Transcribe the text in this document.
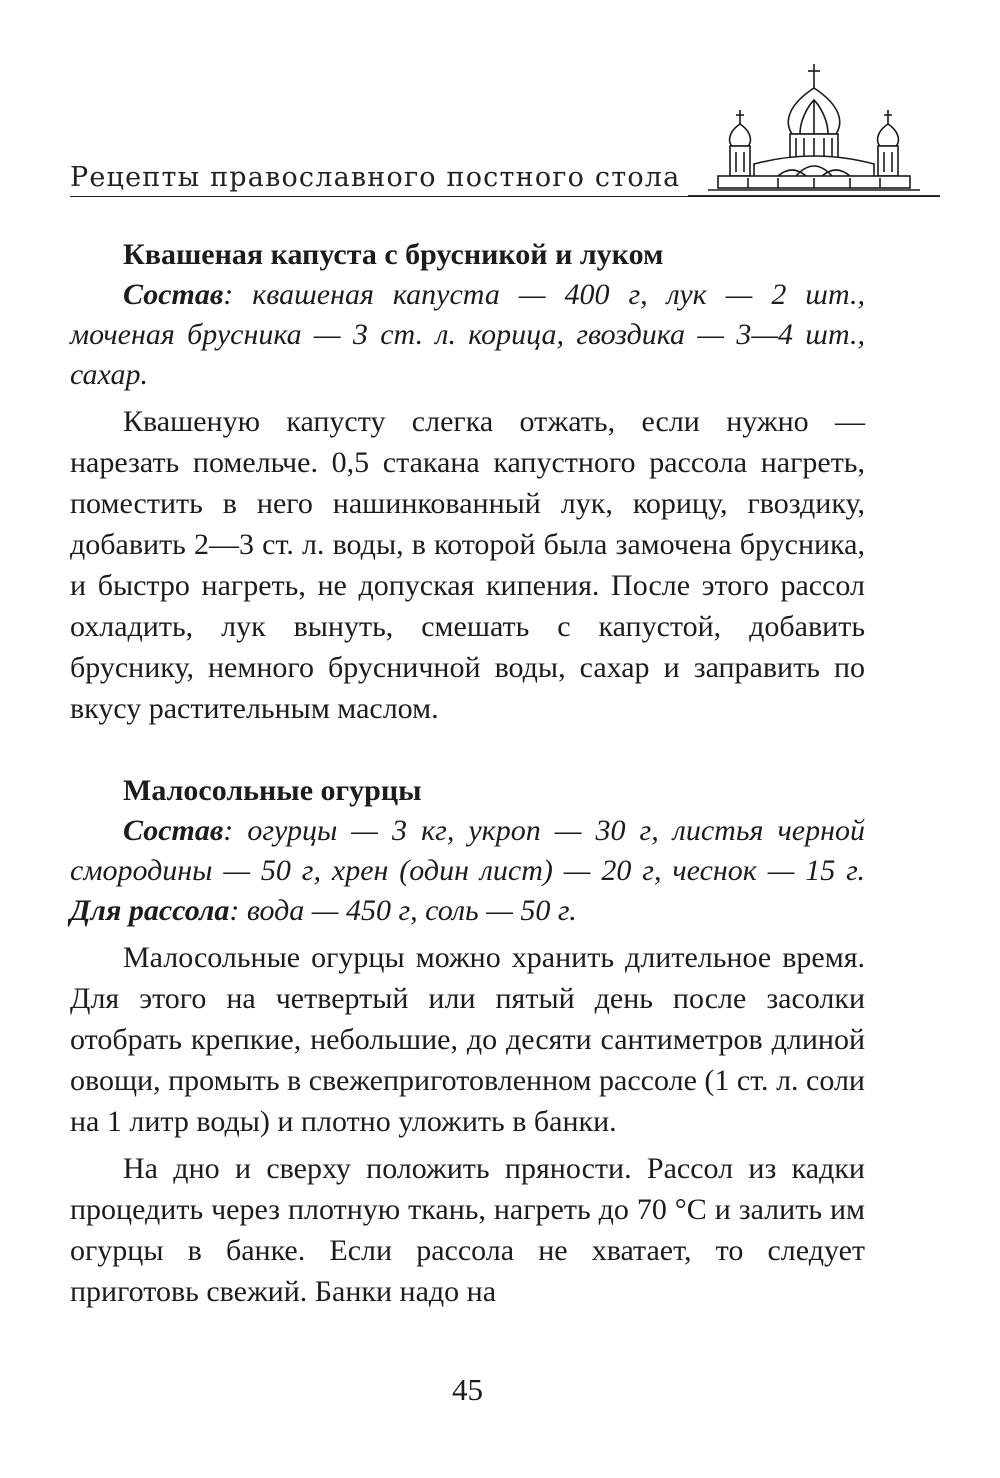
Рецепты православного постного стола
Квашеная капуста с брусникой и луком

Состав: квашеная капуста — 400 г, лук — 2 шт., моченая брусника — 3 ст. л. корица, гвоздика — 3—4 шт., сахар.

Квашеную капусту слегка отжать, если нужно — нарезать помельче. 0,5 стакана капустного рассола нагреть, поместить в него нашинкованный лук, корицу, гвоздику, добавить 2—3 ст. л. воды, в которой была замочена брусника, и быстро нагреть, не допуская кипения. После этого рассол охладить, лук вынуть, смешать с капустой, добавить бруснику, немного брусничной воды, сахар и заправить по вкусу растительным маслом.

Малосольные огурцы

Состав: огурцы — 3 кг, укроп — 30 г, листья черной смородины — 50 г, хрен (один лист) — 20 г, чеснок — 15 г. Для рассола: вода — 450 г, соль — 50 г.

Малосольные огурцы можно хранить длительное время. Для этого на четвертый или пятый день после засолки отобрать крепкие, небольшие, до десяти сантиметров длиной овощи, промыть в свежеприготовленном рассоле (1 ст. л. соли на 1 литр воды) и плотно уложить в банки.

На дно и сверху положить пряности. Рассол из кадки процедить через плотную ткань, нагреть до 70 °С и залить им огурцы в банке. Если рассола не хватает, то следует приготовь свежий. Банки надо на

45
